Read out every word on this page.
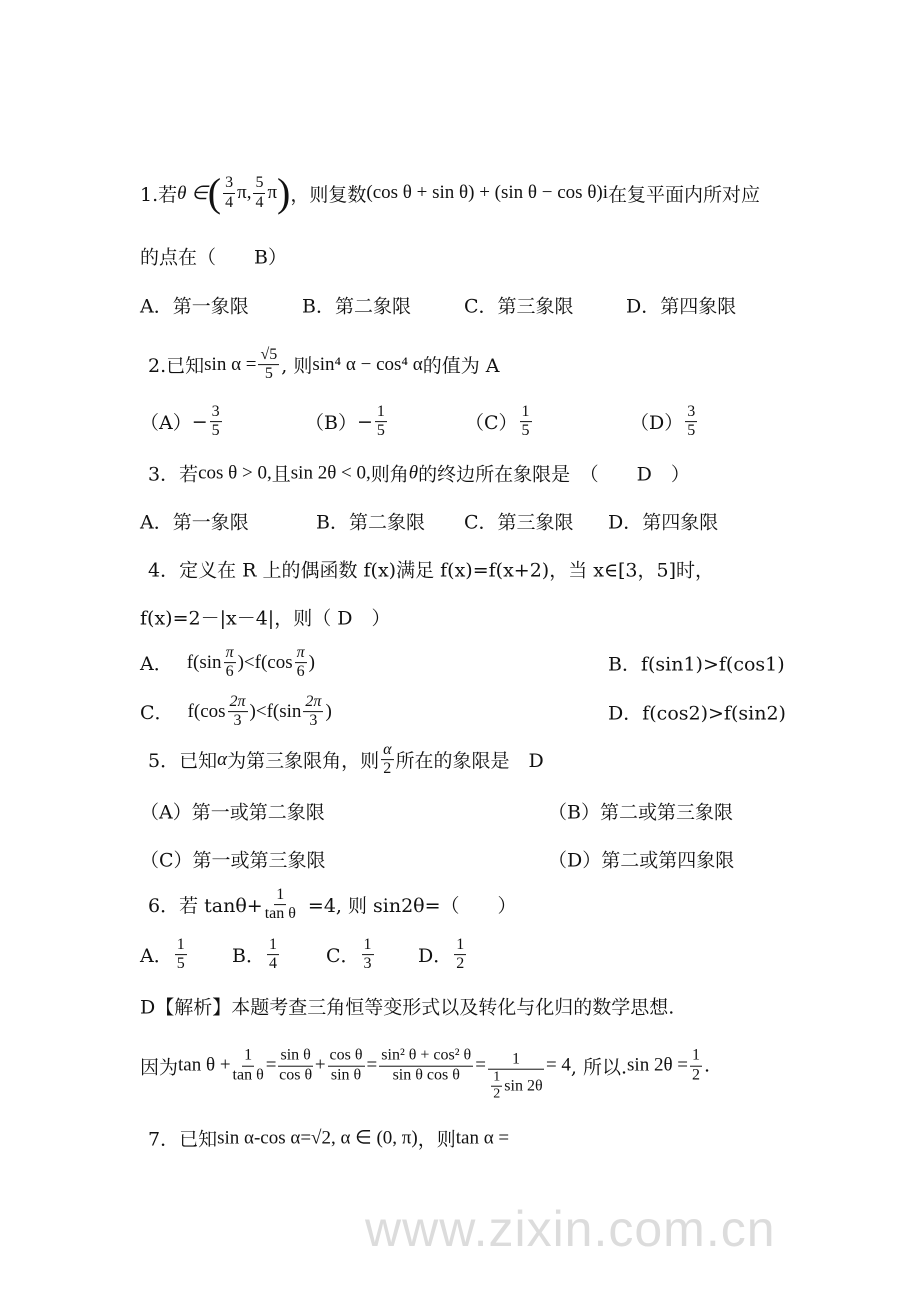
www.zixin.com.cn
1.若 θ ∈ ( $\frac{3}{4} \pi$, $\frac{5}{4}$ π ) ，则复数 (cos θ + sin θ) + (sin θ − cos θ)i 在复平面内所对应
的点在（　　B）
A．第一象限	B．第二象限	C．第三象限	D．第四象限
2.已知 $\sin \alpha = \frac{√5}{5}$ , 则 sin⁴ α − cos⁴ α 的值为 A
$(A) - \frac{3}{5}$	$(B) - \frac{1}{5}$	$(C) \frac{1}{5}$	$(D) \frac{3}{5}$
3．若 cos θ > 0, 且 sin 2θ < 0, 则角 θ 的终边所在象限是　（　　D　）
A．第一象限	B．第二象限 C．第三象限 D．第四象限
4．定义在 R 上的偶函数 f(x)满足 f(x)=f(x+2)，当 x∈[3，5]时，
f(x)=2－|x－4|，则（ D　）
A． $f(\sin \frac{\pi}{6} )<f(\cos \frac{\pi}{6}$ )	B．f(sin1)>f(cos1)
C． $f(\cos \frac{2\pi}{3} )<f(\sin \frac{2\pi}{3}$ )	D．f(cos2)>f(sin2)
5．已知 α 为第三象限角，则 $\frac{\alpha}{2}$ 所在的象限是　D
（A）第一或第二象限	（B）第二或第三象限
（C）第一或第三象限	（D）第二或第四象限
6．若 $\tan\theta+ \frac{1}{\text{tan θ}} =4$, 则 sin2θ=（　　）
A． $\frac{1}{5}$ B． $\frac{1}{4}$ C． $\frac{1}{3}$ D． $\frac{1}{2}$
D【解析】本题考查三角恒等变形式以及转化与化归的数学思想.
因为 $\tan \theta + \frac{1}{\text{tan θ}} = \frac{\text{sin θ}}{\text{cos θ}} + \frac{\text{cos θ}}{\text{sin θ}} = \frac{\text{sin² θ + cos² θ}}{\text{sin θ cos θ}} = \frac{1}{\frac{1}{2} \sin 2\theta} = 4$ , 所以. $\sin 2\theta = \frac{1}{2}$ .
7．已知 sin α-cos α=√2, α ∈ (0, π) ，则 tan α =
